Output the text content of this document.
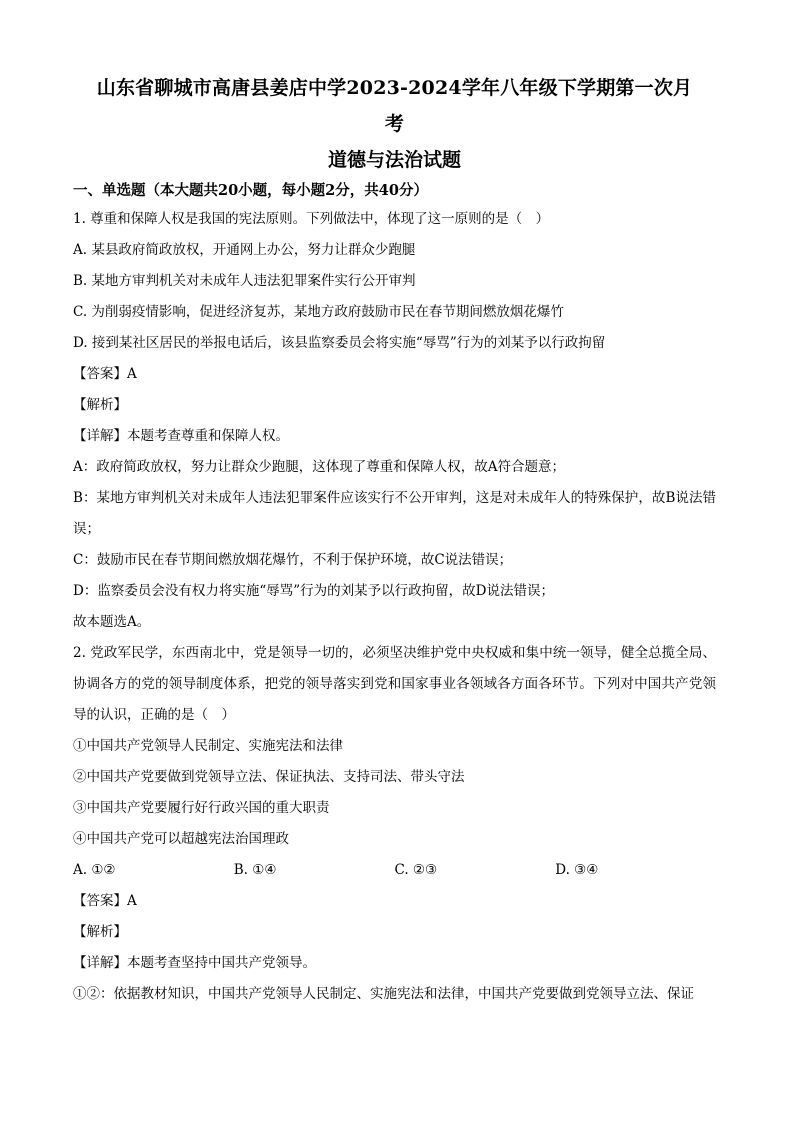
山东省聊城市高唐县姜店中学2023-2024学年八年级下学期第一次月
考
道德与法治试题
一、单选题（本大题共20小题，每小题2分，共40分）
1. 尊重和保障人权是我国的宪法原则。下列做法中，体现了这一原则的是（　）
A. 某县政府简政放权，开通网上办公，努力让群众少跑腿
B. 某地方审判机关对未成年人违法犯罪案件实行公开审判
C. 为削弱疫情影响，促进经济复苏，某地方政府鼓励市民在春节期间燃放烟花爆竹
D. 接到某社区居民的举报电话后，该县监察委员会将实施“辱骂”行为的刘某予以行政拘留
【答案】A
【解析】
【详解】本题考查尊重和保障人权。
A：政府简政放权，努力让群众少跑腿，这体现了尊重和保障人权，故A符合题意；
B：某地方审判机关对未成年人违法犯罪案件应该实行不公开审判，这是对未成年人的特殊保护，故B说法错误；
C：鼓励市民在春节期间燃放烟花爆竹，不利于保护环境，故C说法错误；
D：监察委员会没有权力将实施“辱骂”行为的刘某予以行政拘留，故D说法错误；
故本题选A。
2. 党政军民学，东西南北中，党是领导一切的，必须坚决维护党中央权威和集中统一领导，健全总揽全局、协调各方的党的领导制度体系，把党的领导落实到党和国家事业各领域各方面各环节。下列对中国共产党领导的认识，正确的是（　）
①中国共产党领导人民制定、实施宪法和法律
②中国共产党要做到党领导立法、保证执法、支持司法、带头守法
③中国共产党要履行好行政兴国的重大职责
④中国共产党可以超越宪法治国理政
A. ①②	B. ①④	C. ②③	D. ③④
【答案】A
【解析】
【详解】本题考查坚持中国共产党领导。
①②：依据教材知识，中国共产党领导人民制定、实施宪法和法律，中国共产党要做到党领导立法、保证
